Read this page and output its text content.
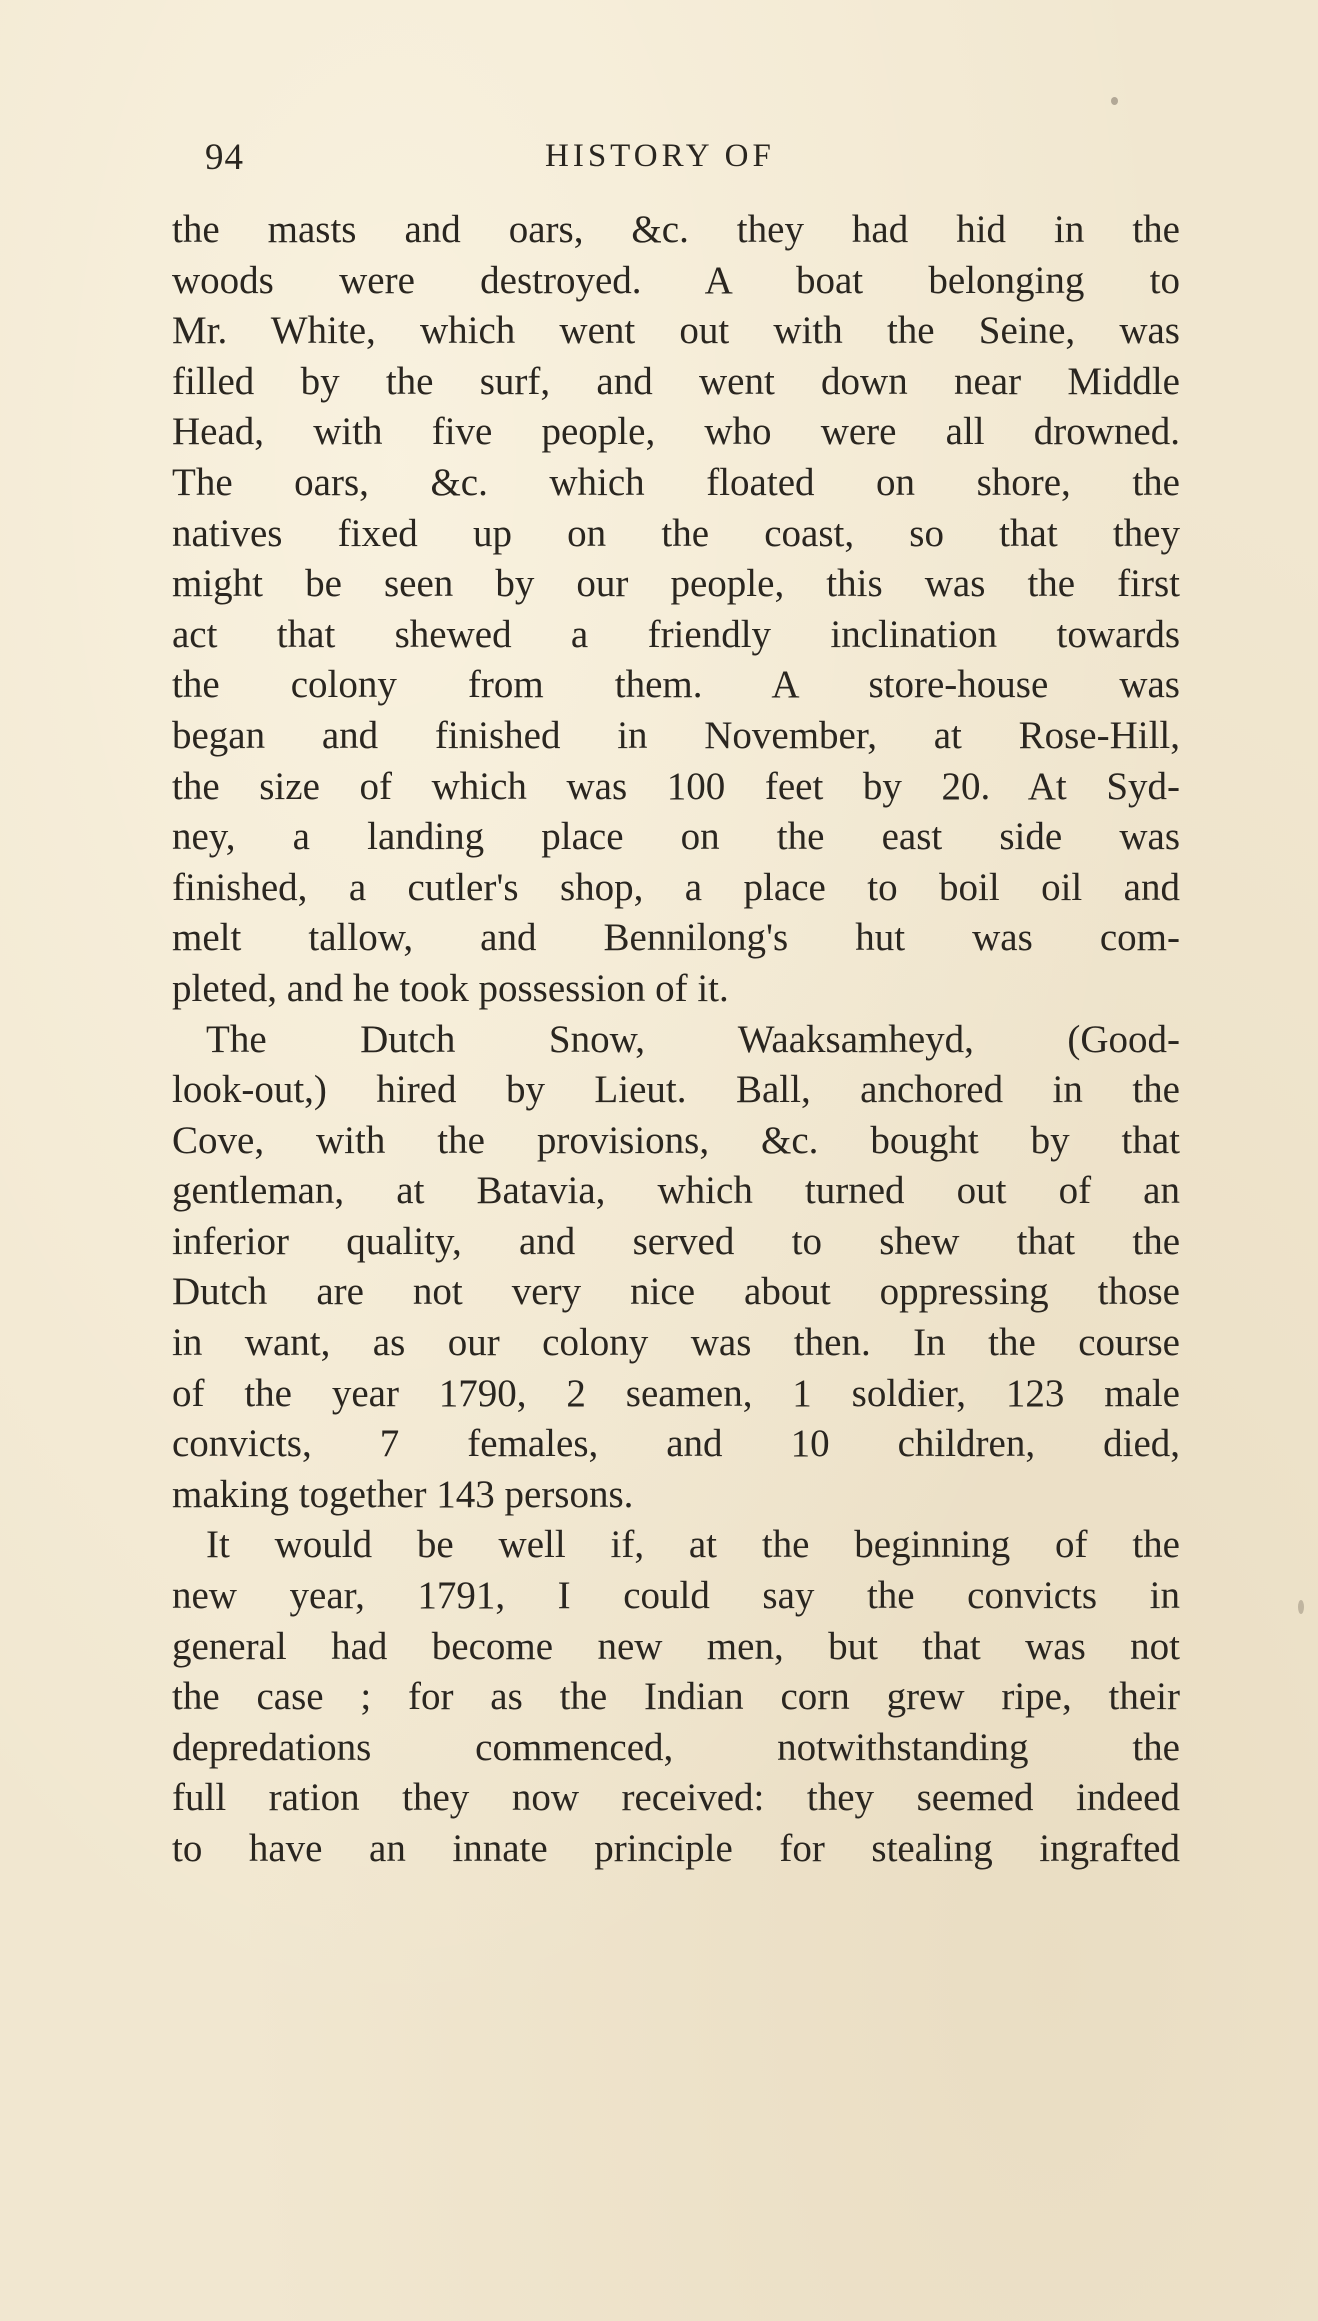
94	HISTORY OF
the masts and oars, &c. they had hid in the
woods were destroyed. A boat belonging to
Mr. White, which went out with the Seine, was
filled by the surf, and went down near Middle
Head, with five people, who were all drowned.
The oars, &c. which floated on shore, the
natives fixed up on the coast, so that they
might be seen by our people, this was the first
act that shewed a friendly inclination towards
the colony from them. A store-house was
began and finished in November, at Rose-Hill,
the size of which was 100 feet by 20. At Syd-
ney, a landing place on the east side was
finished, a cutler's shop, a place to boil oil and
melt tallow, and Bennilong's hut was com-
pleted, and he took possession of it.
The Dutch Snow, Waaksamheyd, (Good-
look-out,) hired by Lieut. Ball, anchored in the
Cove, with the provisions, &c. bought by that
gentleman, at Batavia, which turned out of an
inferior quality, and served to shew that the
Dutch are not very nice about oppressing those
in want, as our colony was then. In the course
of the year 1790, 2 seamen, 1 soldier, 123 male
convicts, 7 females, and 10 children, died,
making together 143 persons.
It would be well if, at the beginning of the
new year, 1791, I could say the convicts in
general had become new men, but that was not
the case ; for as the Indian corn grew ripe, their
depredations commenced, notwithstanding the
full ration they now received: they seemed indeed
to have an innate principle for stealing ingrafted
